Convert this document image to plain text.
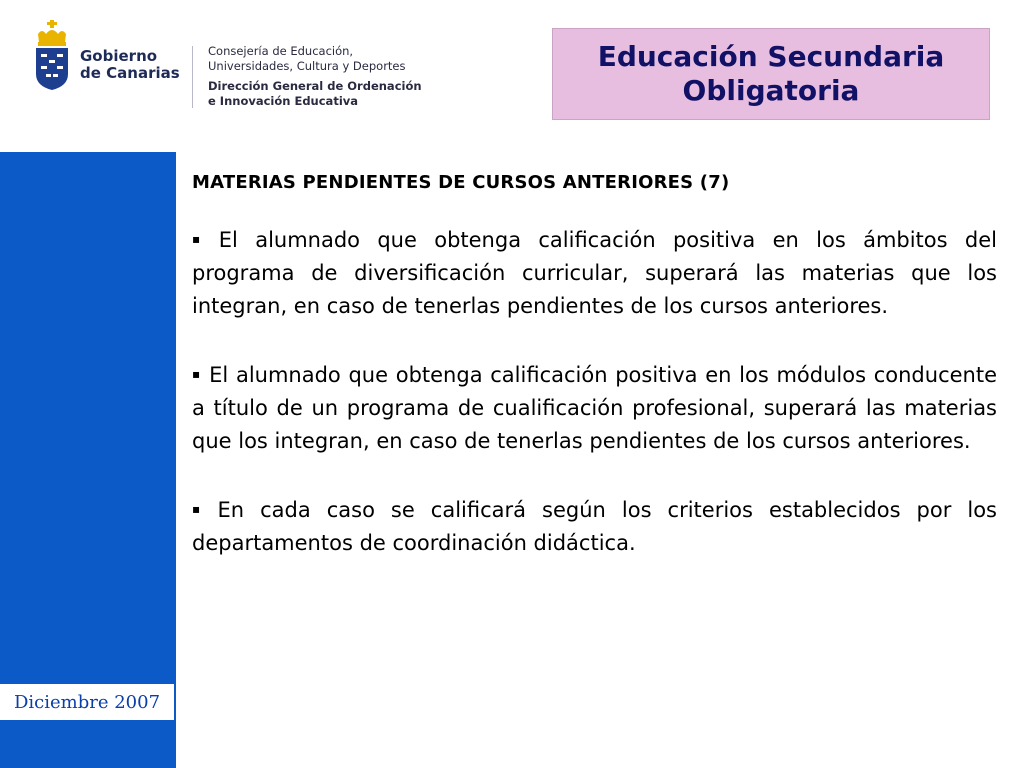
Gobierno
de Canarias
Consejería de Educación,
Universidades, Cultura y Deportes
Dirección General de Ordenación
e Innovación Educativa
Educación Secundaria
Obligatoria
Diciembre 2007
MATERIAS PENDIENTES DE CURSOS ANTERIORES (7)
▪ El alumnado que obtenga calificación positiva en los ámbitos del programa de diversificación curricular, superará las materias que los integran, en caso de tenerlas pendientes de los cursos anteriores.
▪ El alumnado que obtenga calificación positiva en los módulos conducente a título de un programa de cualificación profesional, superará las materias que los integran, en caso de tenerlas pendientes de los cursos anteriores.
▪ En cada caso se calificará según los criterios establecidos por los departamentos de coordinación didáctica.
